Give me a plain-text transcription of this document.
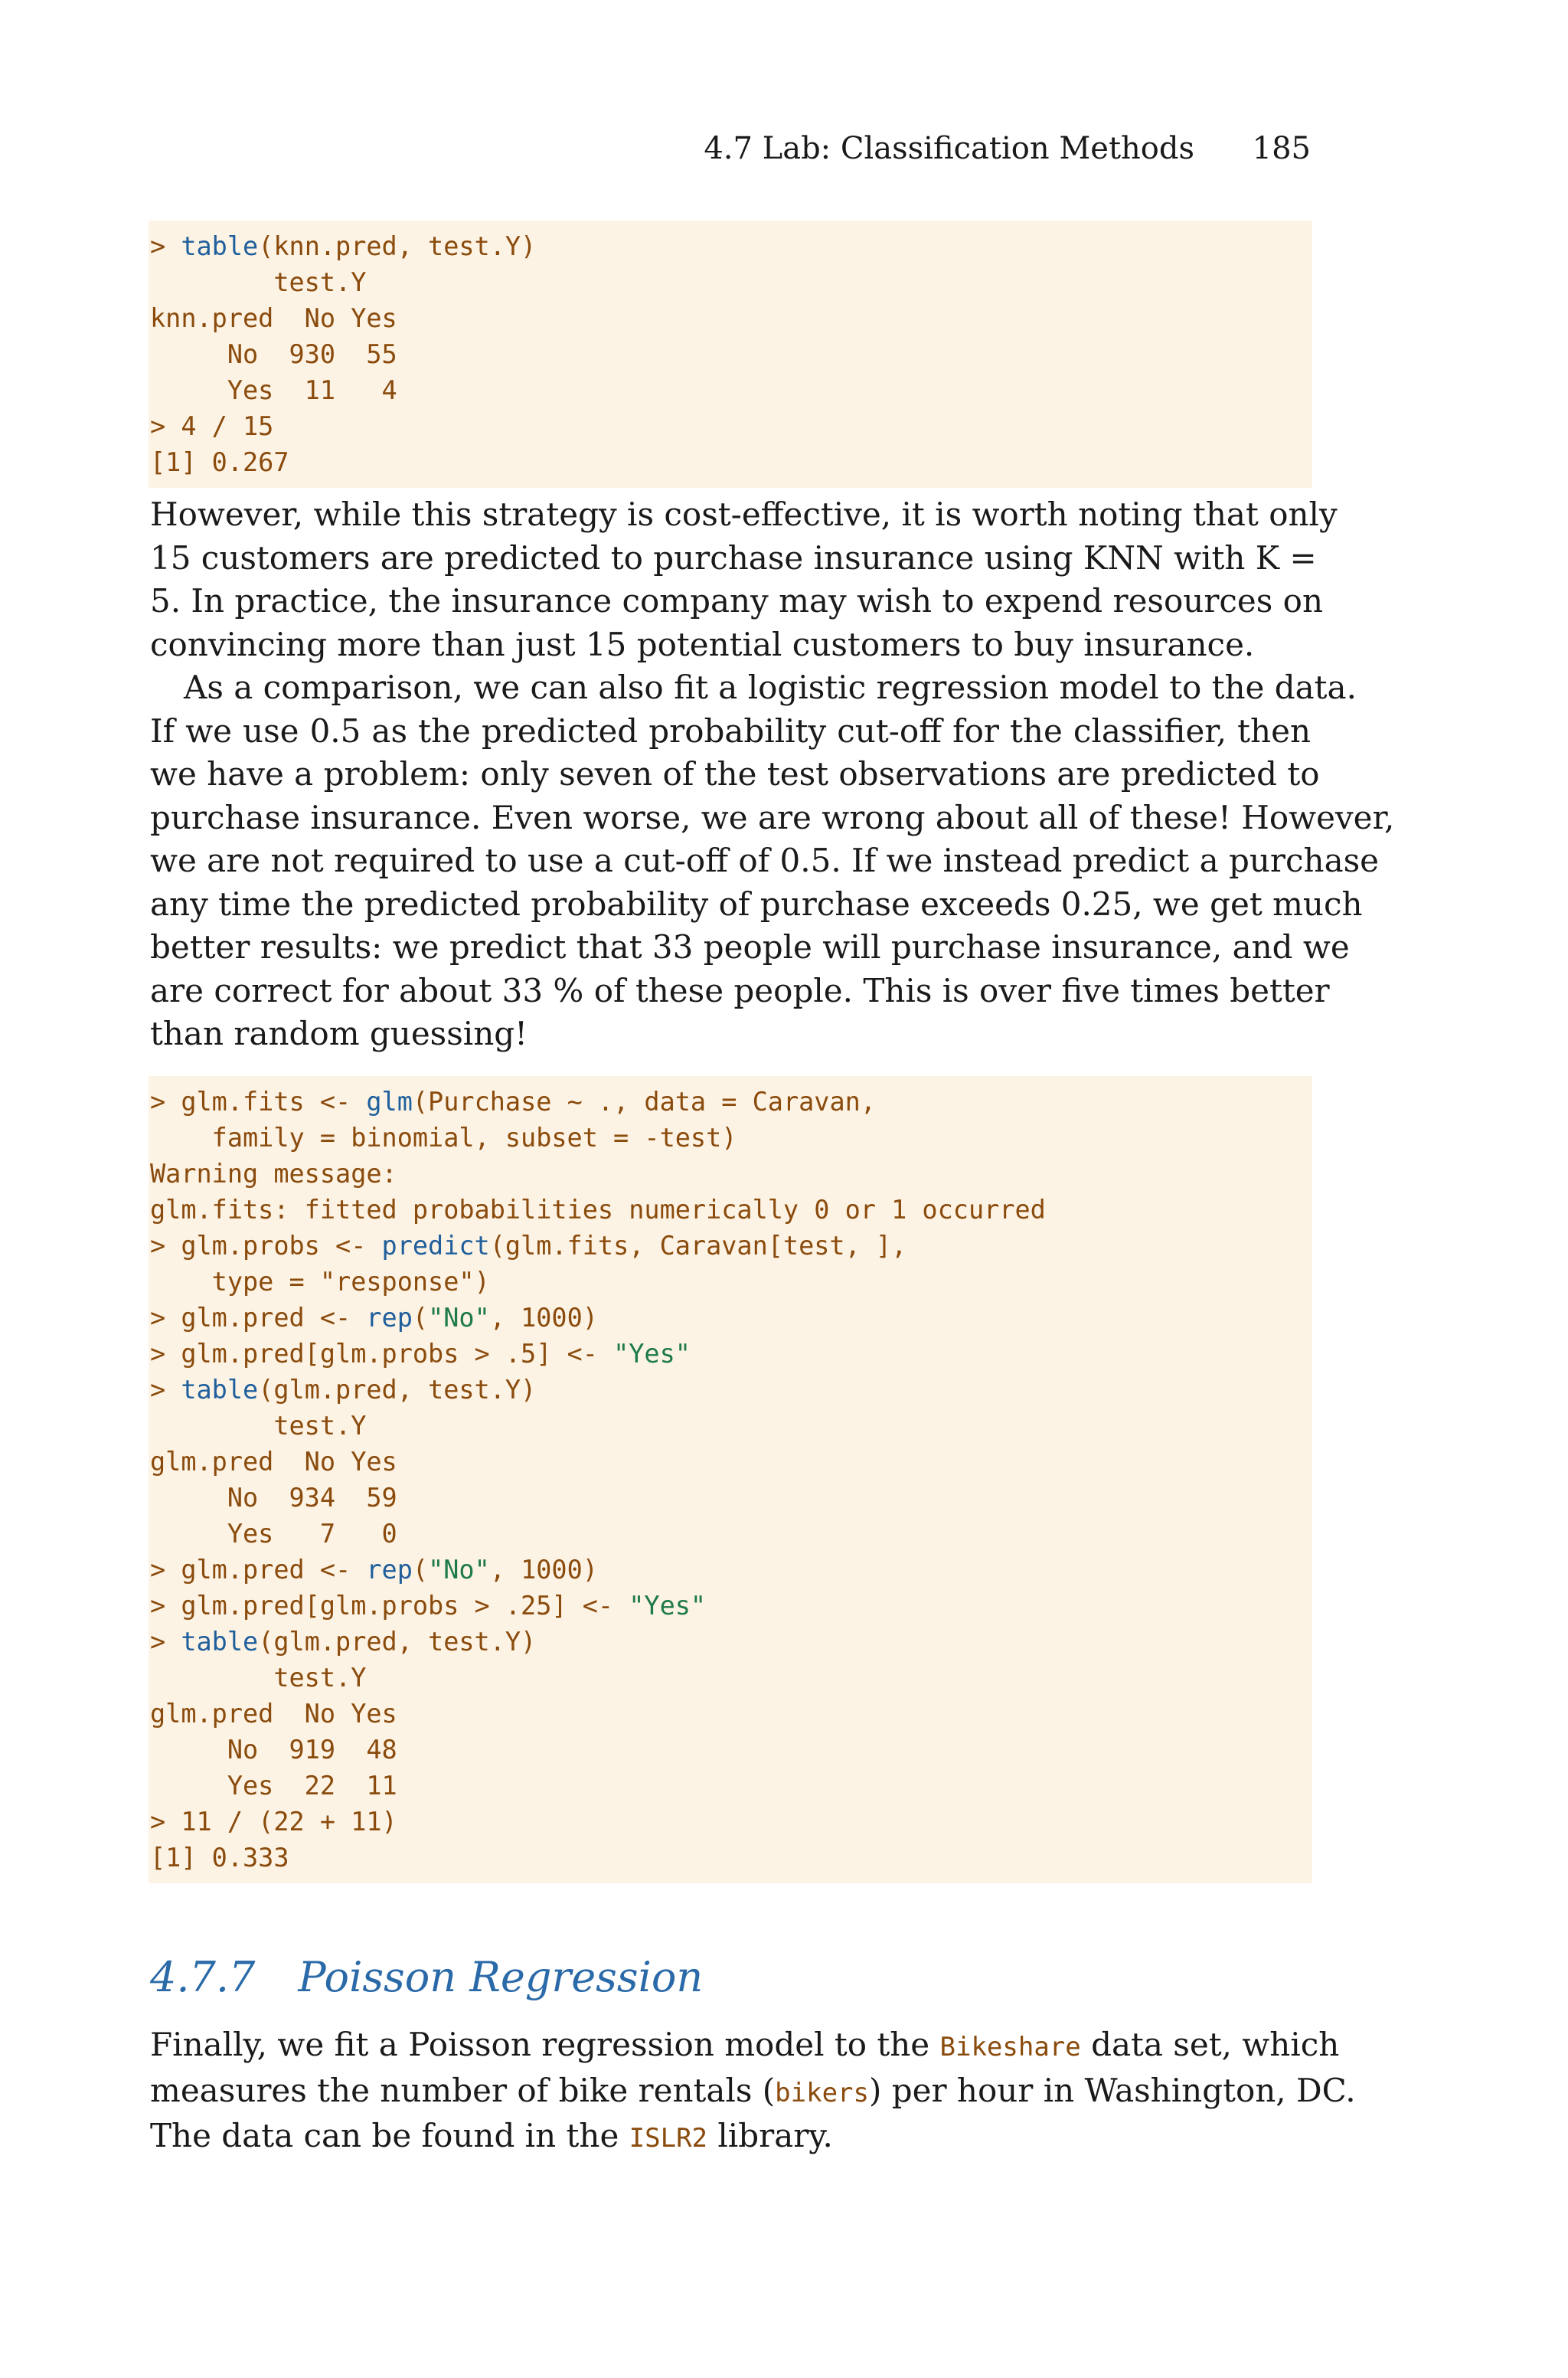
4.7 Lab: Classification Methods 185
> table(knn.pred, test.Y)
test.Y
knn.pred  No Yes
No  930  55
Yes  11   4
> 4 / 15
[1] 0.267

However, while this strategy is cost-effective, it is worth noting that only
15 customers are predicted to purchase insurance using KNN with K =
5. In practice, the insurance company may wish to expend resources on
convincing more than just 15 potential customers to buy insurance.

As a comparison, we can also fit a logistic regression model to the data.
If we use 0.5 as the predicted probability cut-off for the classifier, then
we have a problem: only seven of the test observations are predicted to
purchase insurance. Even worse, we are wrong about all of these! However,
we are not required to use a cut-off of 0.5. If we instead predict a purchase
any time the predicted probability of purchase exceeds 0.25, we get much
better results: we predict that 33 people will purchase insurance, and we
are correct for about 33 % of these people. This is over five times better
than random guessing!

> glm.fits <- glm(Purchase ~ ., data = Caravan,
family = binomial, subset = -test)
Warning message:
glm.fits: fitted probabilities numerically 0 or 1 occurred
> glm.probs <- predict(glm.fits, Caravan[test, ],
type = "response")
> glm.pred <- rep("No", 1000)
> glm.pred[glm.probs > .5] <- "Yes"
> table(glm.pred, test.Y)
test.Y
glm.pred  No Yes
No  934  59
Yes   7   0
> glm.pred <- rep("No", 1000)
> glm.pred[glm.probs > .25] <- "Yes"
> table(glm.pred, test.Y)
test.Y
glm.pred  No Yes
No  919  48
Yes  22  11
> 11 / (22 + 11)
[1] 0.333
4.7.7 Poisson Regression

Finally, we fit a Poisson regression model to the Bikeshare data set, which
measures the number of bike rentals (bikers) per hour in Washington, DC.
The data can be found in the ISLR2 library.
